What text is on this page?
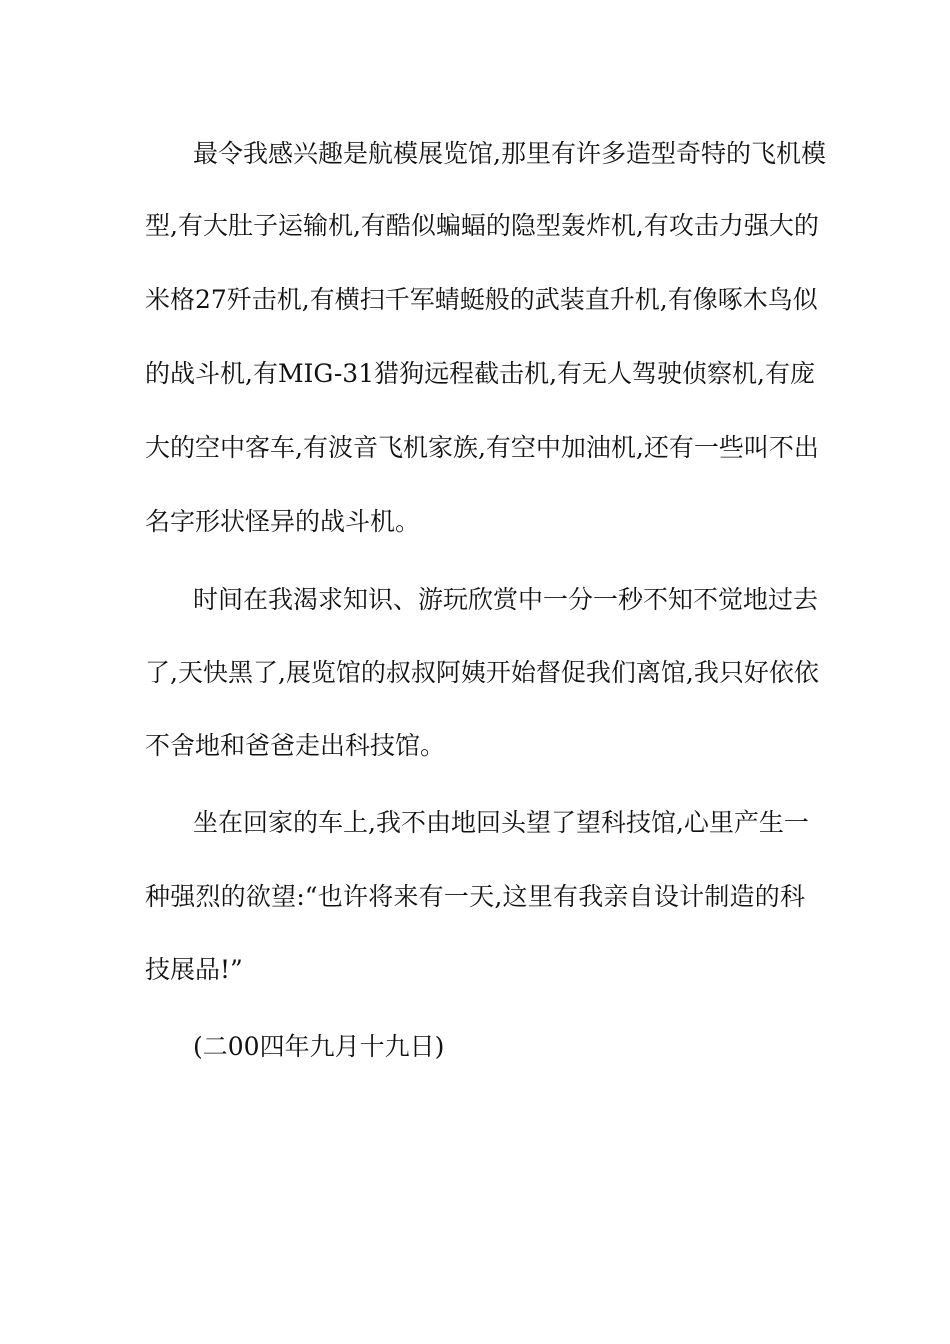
最令我感兴趣是航模展览馆,那里有许多造型奇特的飞机模
型,有大肚子运输机,有酷似蝙蝠的隐型轰炸机,有攻击力强大的
米格27歼击机,有横扫千军蜻蜓般的武装直升机,有像啄木鸟似
的战斗机,有MIG-31猎狗远程截击机,有无人驾驶侦察机,有庞
大的空中客车,有波音飞机家族,有空中加油机,还有一些叫不出
名字形状怪异的战斗机。
时间在我渴求知识、游玩欣赏中一分一秒不知不觉地过去
了,天快黑了,展览馆的叔叔阿姨开始督促我们离馆,我只好依依
不舍地和爸爸走出科技馆。
坐在回家的车上,我不由地回头望了望科技馆,心里产生一
种强烈的欲望:“也许将来有一天,这里有我亲自设计制造的科
技展品!”
(二00四年九月十九日)
